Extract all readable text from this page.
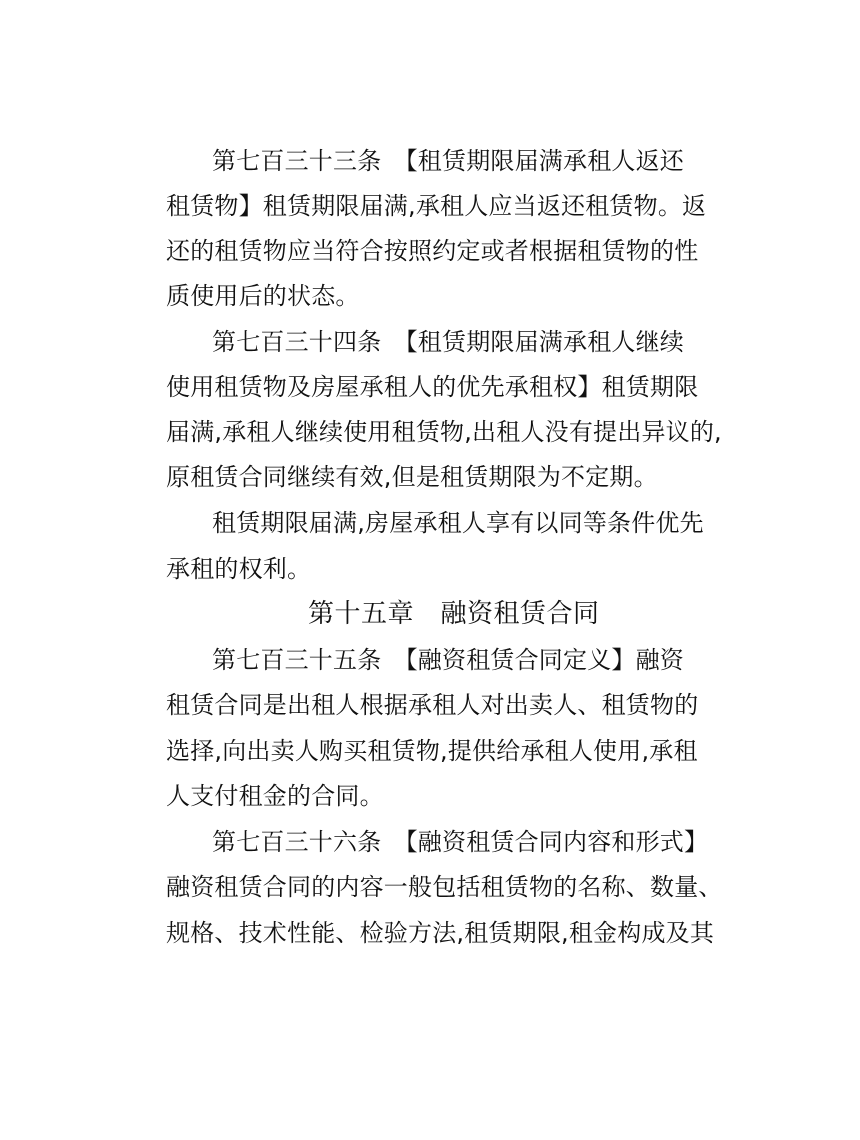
第七百三十三条　【租赁期限届满承租人返还
租赁物】租赁期限届满,承租人应当返还租赁物。返
还的租赁物应当符合按照约定或者根据租赁物的性
质使用后的状态。
第七百三十四条　【租赁期限届满承租人继续
使用租赁物及房屋承租人的优先承租权】租赁期限
届满,承租人继续使用租赁物,出租人没有提出异议的,
原租赁合同继续有效,但是租赁期限为不定期。
租赁期限届满,房屋承租人享有以同等条件优先
承租的权利。
第十五章　融资租赁合同
第七百三十五条　【融资租赁合同定义】融资
租赁合同是出租人根据承租人对出卖人、租赁物的
选择,向出卖人购买租赁物,提供给承租人使用,承租
人支付租金的合同。
第七百三十六条　【融资租赁合同内容和形式】
融资租赁合同的内容一般包括租赁物的名称、数量、
规格、技术性能、检验方法,租赁期限,租金构成及其
